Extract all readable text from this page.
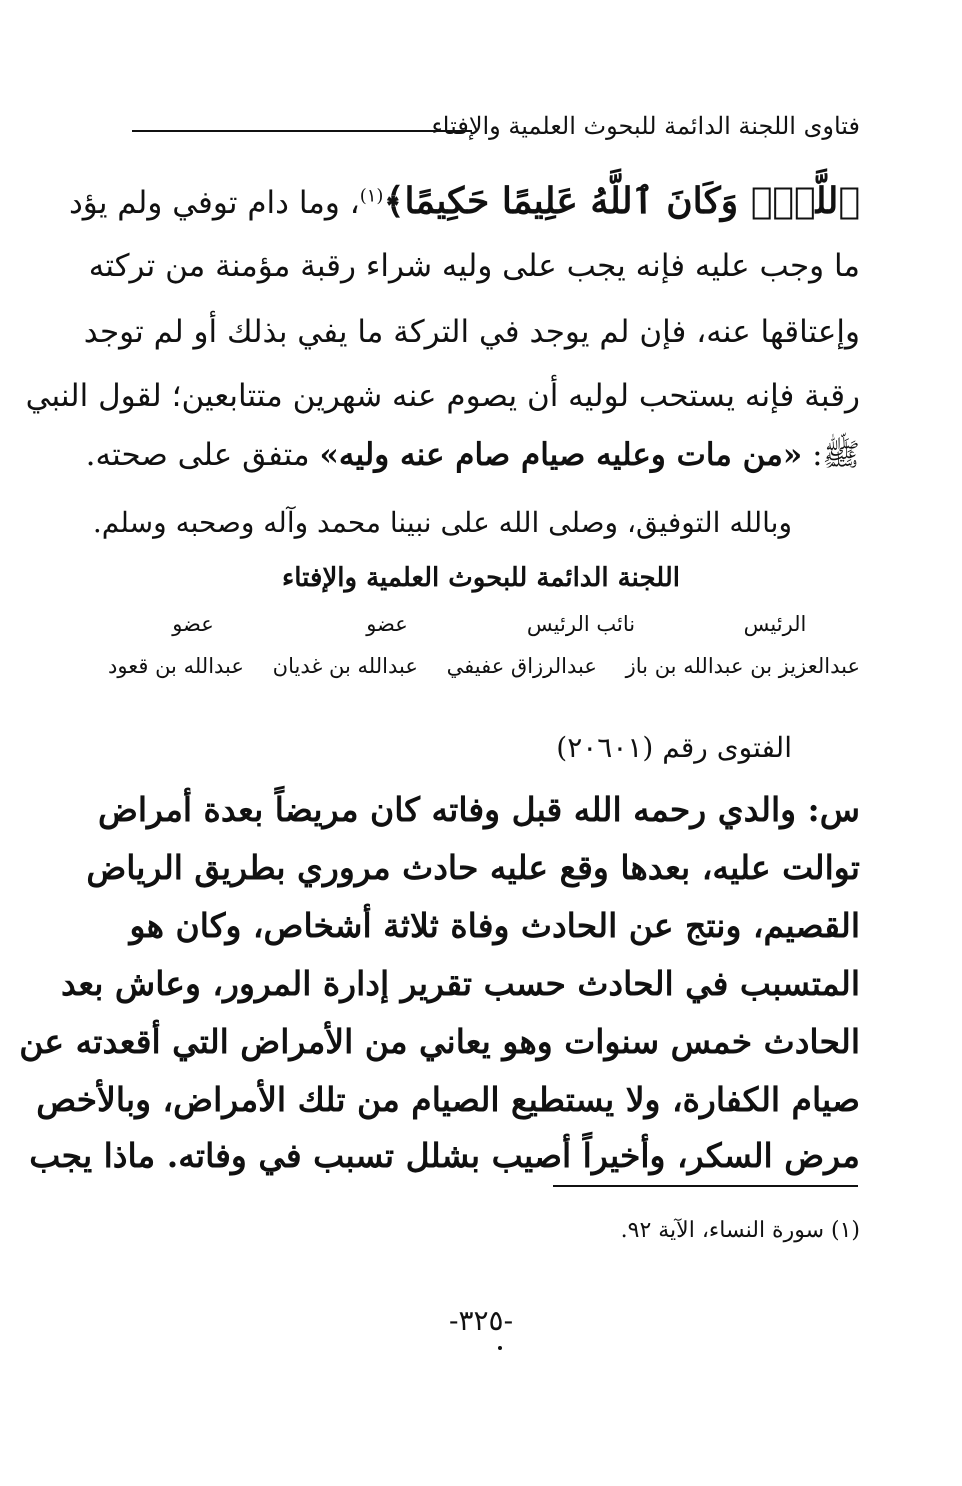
فتاوى اللجنة الدائمة للبحوث العلمية والإفتاء
ﭐﻟﻠَّﻪِۗ وَكَانَ ٱللَّهُ عَلِيمًا حَكِيمًا﴾$^{(١)}$، وما دام توفي ولم يؤد
ما وجب عليه فإنه يجب على وليه شراء رقبة مؤمنة من تركته
وإعتاقها عنه، فإن لم يوجد في التركة ما يفي بذلك أو لم توجد
رقبة فإنه يستحب لوليه أن يصوم عنه شهرين متتابعين؛ لقول النبي
ﷺ: «من مات وعليه صيام صام عنه وليه» متفق على صحته.
وبالله التوفيق، وصلى الله على نبينا محمد وآله وصحبه وسلم.
اللجنة الدائمة للبحوث العلمية والإفتاء
الرئيس
نائب الرئيس
عضو
عضو
عبدالعزيز بن عبدالله بن باز
عبدالرزاق عفيفي
عبدالله بن غديان
عبدالله بن قعود
الفتوى رقم (٢٠٦٠١)
س: والدي رحمه الله قبل وفاته كان مريضاً بعدة أمراض
توالت عليه، بعدها وقع عليه حادث مروري بطريق الرياض
القصيم، ونتج عن الحادث وفاة ثلاثة أشخاص، وكان هو
المتسبب في الحادث حسب تقرير إدارة المرور، وعاش بعد
الحادث خمس سنوات وهو يعاني من الأمراض التي أقعدته عن
صيام الكفارة، ولا يستطيع الصيام من تلك الأمراض، وبالأخص
مرض السكر، وأخيراً أصيب بشلل تسبب في وفاته. ماذا يجب
(١) سورة النساء، الآية ٩٢.
-٣٢٥-
